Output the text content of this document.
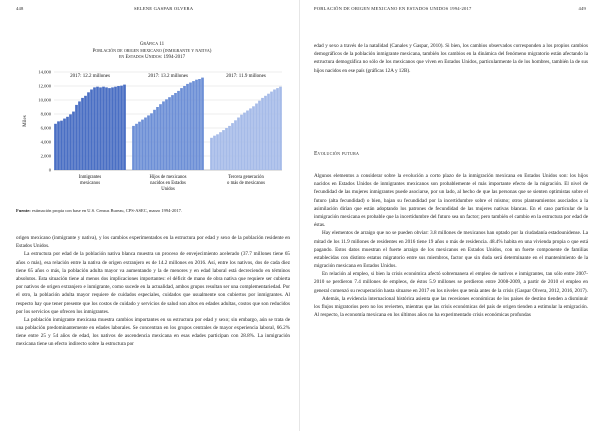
448	SELENE GASPAR OLVERA
Gráfica 11
Población de origen mexicano (inmigrante y nativa)
en Estados Unidos: 1994-2017
0
2,000
4,000
6,000
8,000
10,000
12,000
14,000
Miles
2017: 12.2 millones
Inmigrantes
mexicanos
2017: 13.2 millones
Hijos de mexicanos
nacidos en Estados
Unidos
2017: 11.9 millones
Tercera generación
o más de mexicanos
Fuente: estimación propia con base en U.S. Census Bureau, CPS-ASEC, marzo 1994-2017.

origen mexicano (inmigrante y nativa), y los cambios experimentados en la estructura por edad y sexo de la población residente en Estados Unidos.

La estructura por edad de la población nativa blanca muestra un proceso de envejecimiento acelerado (37.7 millones tiene 65 años o más), esa relación entre la nativa de origen extranjero es de 14.2 millones en 2016. Así, entre los nativos, dos de cada diez tiene 65 años o más, la población adulta mayor va aumentando y la de menores y en edad laboral está decreciendo en términos absolutos. Esta situación tiene al menos dos implicaciones importantes: el déficit de mano de obra nativa que requiere ser cubierta por nativos de origen extranjero e inmigrante, como sucede en la actualidad, ambos grupos resultan ser una complementariedad. Por el otro, la población adulta mayor requiere de cuidados especiales, cuidados que usualmente son cubiertos por inmigrantes. Al respecto hay que tener presente que los costos de cuidado y servicios de salud son altos en edades adultas, costos que son reducidos por los servicios que ofrecen los inmigrantes.

La población inmigrante mexicana muestra cambios importantes en su estructura por edad y sexo; sin embargo, aún se trata de una población predominantemente en edades laborales. Se concentran en los grupos centrales de mayor experiencia laboral, 66.2% tiene entre 25 y 54 años de edad, los nativos de ascendencia mexicana en esas edades participan con 28.8%. La inmigración mexicana tiene un efecto indirecto sobre la estructura por

POBLACIÓN DE ORIGEN MEXICANO EN ESTADOS UNIDOS 1994-2017	449

edad y sexo a través de la natalidad (Canales y Gaspar, 2010). Si bien, los cambios observados corresponden a los propios cambios demográficos de la población inmigrante mexicana, también los cambios en la dinámica del fenómeno migratorio están afectando la estructura demográfica no sólo de los mexicanos que viven en Estados Unidos, particularmente la de los hombres, también la de sus hijos nacidos en ese país (gráficas 12A y 12B).

Evolución futura

Algunos elementos a considerar sobre la evolución a corto plazo de la inmigración mexicana en Estados Unidos son: los hijos nacidos en Estados Unidos de inmigrantes mexicanos son probablemente el más importante efecto de la migración. El nivel de fecundidad de las mujeres inmigrantes puede asociarse, por un lado, al hecho de que las personas que se sienten optimistas sobre el futuro (alta fecundidad) o bien, bajan su fecundidad por la incertidumbre sobre el mismo; otros planteamientos asociados a la asimilación dirían que están adoptando los patrones de fecundidad de las mujeres nativas blancas. En el caso particular de la inmigración mexicana es probable que la incertidumbre del futuro sea un factor; pero también el cambio en la estructura por edad de éstas.

Hay elementos de arraigo que no se pueden obviar: 3.8 millones de mexicanos han optado por la ciudadanía estadounidense. La mitad de los 11.9 millones de residentes en 2016 tiene 19 años o más de residencia. 48.4% habita en una vivienda propia o que está pagando. Estos datos muestran el fuerte arraigo de los mexicanos en Estados Unidos, con un fuerte componente de familias establecidas con distinto estatus migratorio entre sus miembros, factor que sin duda será determinante en el mantenimiento de la migración mexicana en Estados Unidos.

En relación al empleo, si bien la crisis económica afectó sobremanera el empleo de nativos e inmigrantes, tan sólo entre 2007-2010 se perdieron 7.4 millones de empleos, de éstos 5.9 millones se perdieron entre 2008-2009, a partir de 2010 el empleo en general comenzó su recuperación hasta situarse en 2017 en los niveles que tenía antes de la crisis (Gaspar Olvera, 2012, 2016, 2017).

Además, la evidencia internacional histórica asienta que las recesiones económicas de los países de destino tienden a disminuir los flujos migratorios pero no los revierten, mientras que las crisis económicas del país de origen tienden a estimular la emigración. Al respecto, la economía mexicana en los últimos años no ha experimentado crisis económicas profundas
